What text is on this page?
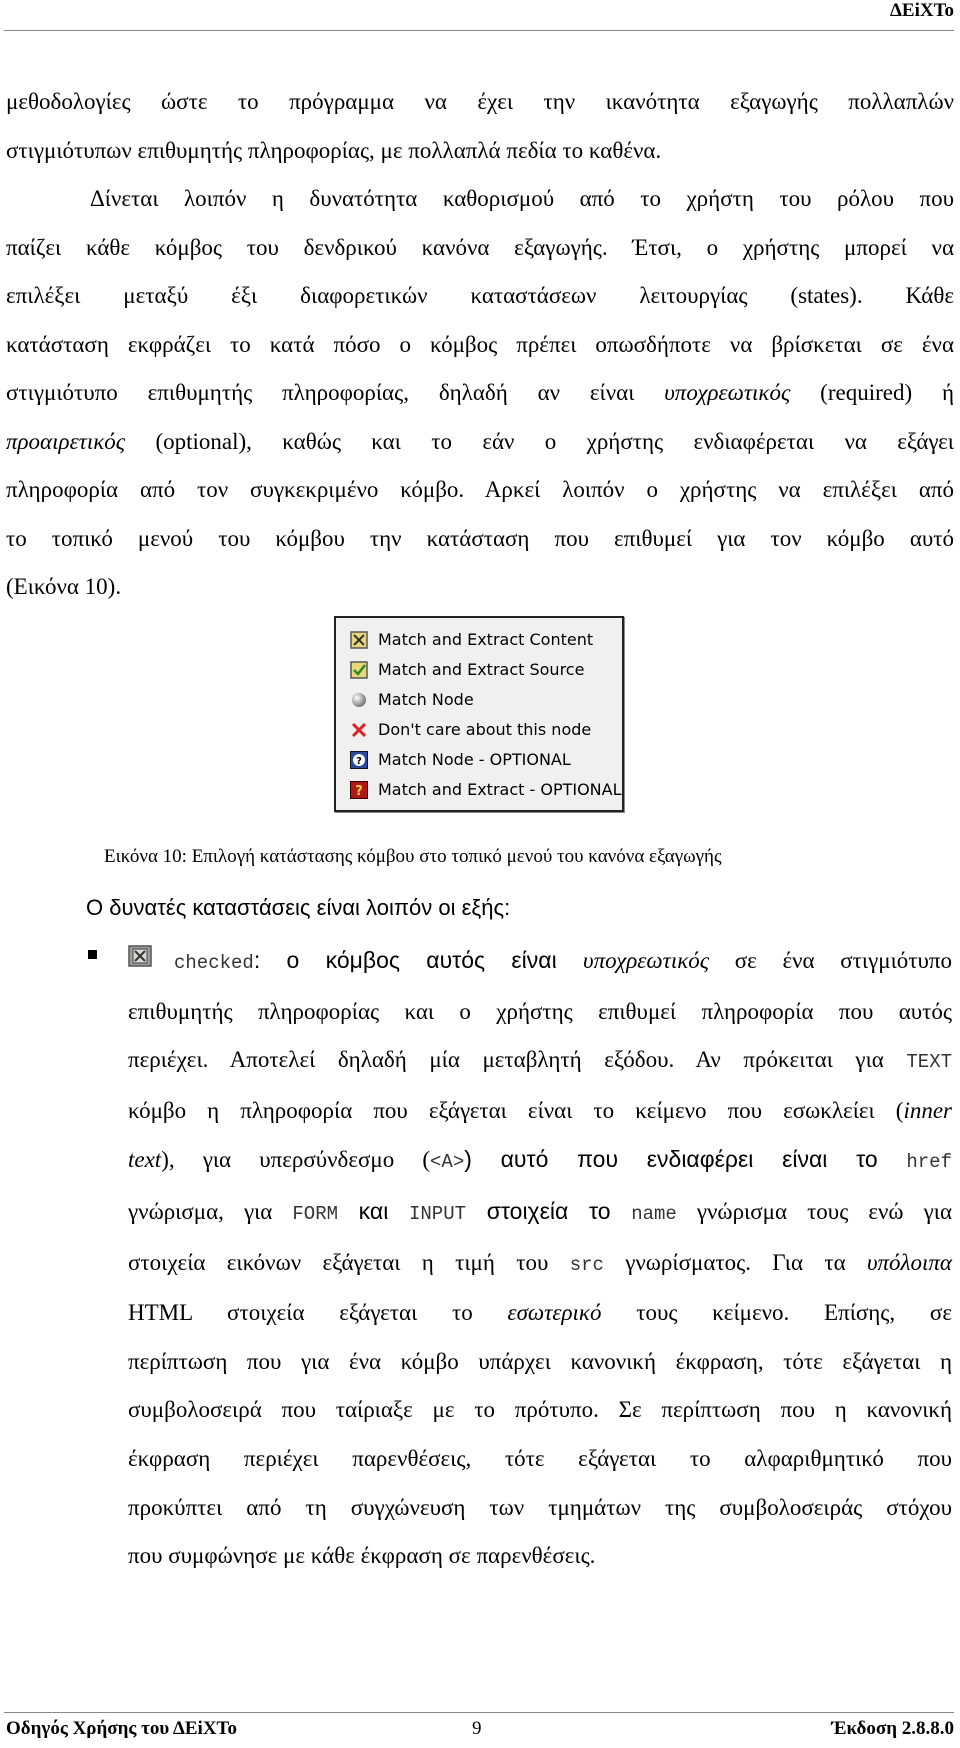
ΔΕiXTo
μεθοδολογίες ώστε το πρόγραμμα να έχει την ικανότητα εξαγωγής πολλαπλών
στιγμιότυπων επιθυμητής πληροφορίας, με πολλαπλά πεδία το καθένα.
Δίνεται λοιπόν η δυνατότητα καθορισμού από το χρήστη του ρόλου που
παίζει κάθε κόμβος του δενδρικού κανόνα εξαγωγής. Έτσι, ο χρήστης μπορεί να
επιλέξει μεταξύ έξι διαφορετικών καταστάσεων λειτουργίας (states). Κάθε
κατάσταση εκφράζει το κατά πόσο ο κόμβος πρέπει οπωσδήποτε να βρίσκεται σε ένα
στιγμιότυπο επιθυμητής πληροφορίας, δηλαδή αν είναι υποχρεωτικός (required) ή
προαιρετικός (optional), καθώς και το εάν ο χρήστης ενδιαφέρεται να εξάγει
πληροφορία από τον συγκεκριμένο κόμβο. Αρκεί λοιπόν ο χρήστης να επιλέξει από
το τοπικό μενού του κόμβου την κατάσταση που επιθυμεί για τον κόμβο αυτό
(Εικόνα 10).
Match and Extract Content
Match and Extract Source
Match Node
Don't care about this node
? Match Node - OPTIONAL
? Match and Extract - OPTIONAL
Εικόνα 10: Επιλογή κατάστασης κόμβου στο τοπικό μενού του κανόνα εξαγωγής
Ο δυνατές καταστάσεις είναι λοιπόν οι εξής:
checked: ο κόμβος αυτός είναι υποχρεωτικός σε ένα στιγμιότυπο
επιθυμητής πληροφορίας και ο χρήστης επιθυμεί πληροφορία που αυτός
περιέχει. Αποτελεί δηλαδή μία μεταβλητή εξόδου. Αν πρόκειται για TEXT
κόμβο η πληροφορία που εξάγεται είναι το κείμενο που εσωκλείει (inner
text), για υπερσύνδεσμο (<A>) αυτό που ενδιαφέρει είναι το href
γνώρισμα, για FORM και INPUT στοιχεία το name γνώρισμα τους ενώ για
στοιχεία εικόνων εξάγεται η τιμή του src γνωρίσματος. Για τα υπόλοιπα
HTML στοιχεία εξάγεται το εσωτερικό τους κείμενο. Επίσης, σε
περίπτωση που για ένα κόμβο υπάρχει κανονική έκφραση, τότε εξάγεται η
συμβολοσειρά που ταίριαξε με το πρότυπο. Σε περίπτωση που η κανονική
έκφραση περιέχει παρενθέσεις, τότε εξάγεται το αλφαριθμητικό που
προκύπτει από τη συγχώνευση των τμημάτων της συμβολοσειράς στόχου
που συμφώνησε με κάθε έκφραση σε παρενθέσεις.
Οδηγός Χρήσης του ΔΕiXTo	9	Έκδοση 2.8.8.0
